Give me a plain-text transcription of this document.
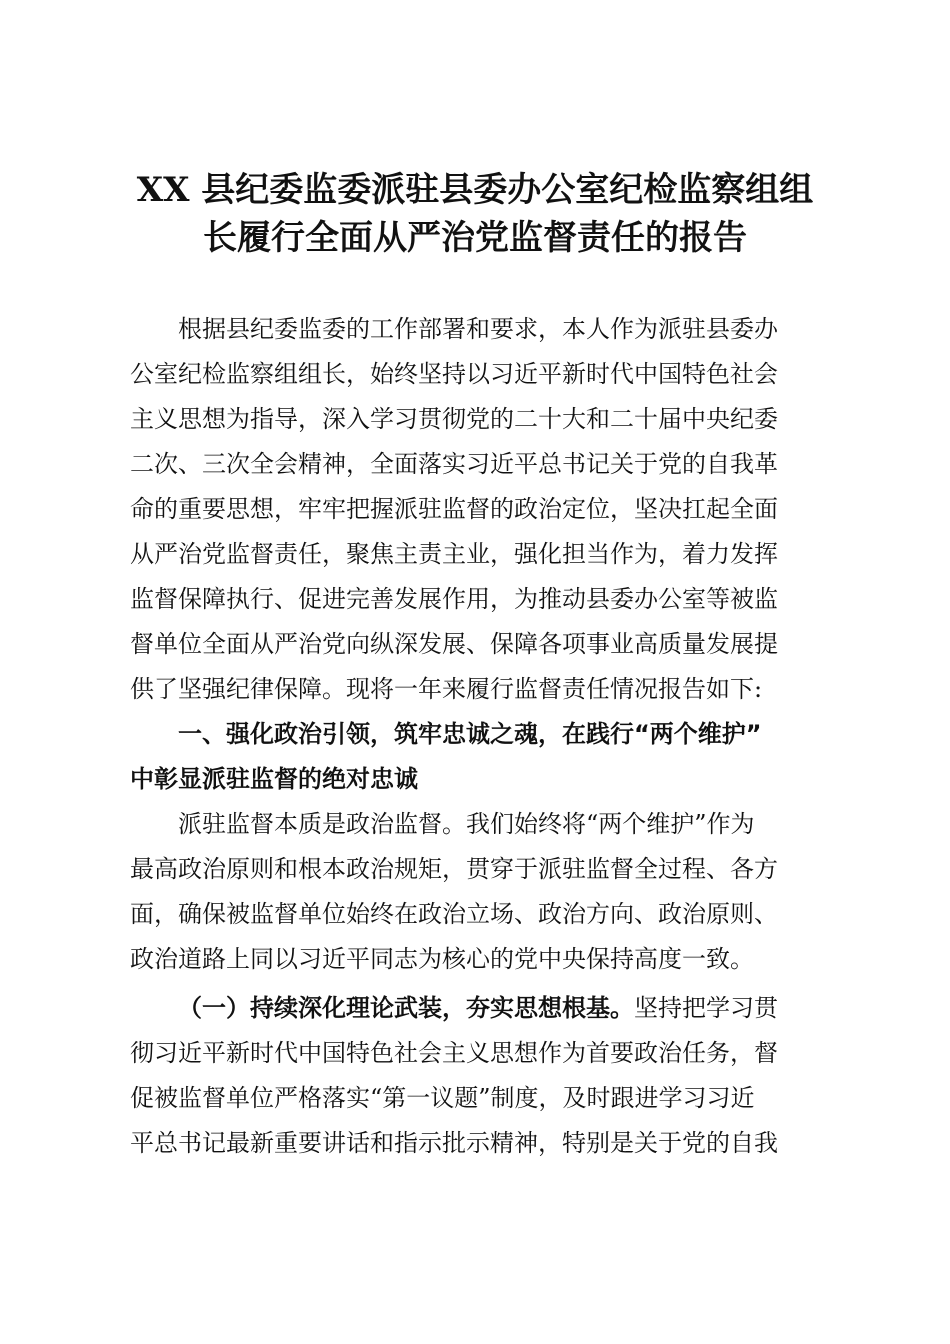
XX 县纪委监委派驻县委办公室纪检监察组组
长履行全面从严治党监督责任的报告

根据县纪委监委的工作部署和要求，本人作为派驻县委办
公室纪检监察组组长，始终坚持以习近平新时代中国特色社会
主义思想为指导，深入学习贯彻党的二十大和二十届中央纪委
二次、三次全会精神，全面落实习近平总书记关于党的自我革
命的重要思想，牢牢把握派驻监督的政治定位，坚决扛起全面
从严治党监督责任，聚焦主责主业，强化担当作为，着力发挥
监督保障执行、促进完善发展作用，为推动县委办公室等被监
督单位全面从严治党向纵深发展、保障各项事业高质量发展提
供了坚强纪律保障。现将一年来履行监督责任情况报告如下:

一、强化政治引领，筑牢忠诚之魂，在践行“两个维护”
中彰显派驻监督的绝对忠诚

派驻监督本质是政治监督。我们始终将“两个维护”作为
最高政治原则和根本政治规矩，贯穿于派驻监督全过程、各方
面，确保被监督单位始终在政治立场、政治方向、政治原则、
政治道路上同以习近平同志为核心的党中央保持高度一致。

（一）持续深化理论武装，夯实思想根基。坚持把学习贯
彻习近平新时代中国特色社会主义思想作为首要政治任务，督
促被监督单位严格落实“第一议题”制度，及时跟进学习习近
平总书记最新重要讲话和指示批示精神，特别是关于党的自我
